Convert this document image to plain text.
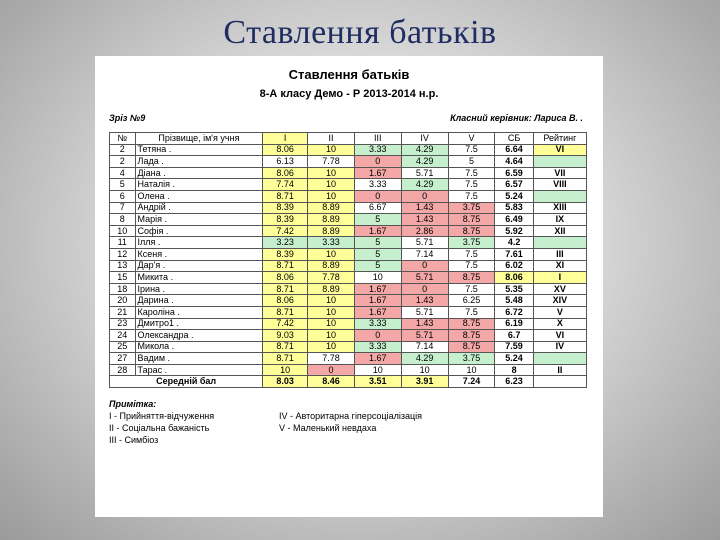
Ставлення батьків
Ставлення батьків
8-А класу Демо - Р 2013-2014 н.р.
Зріз №9	Класний керівник: Лариса В. .
№	Прізвище, ім'я учня	I	II	III	IV	V	СБ	Рейтинг
2	Тетяна .	8.06	10	3.33	4.29	7.5	6.64	VI
2	Лада .	6.13	7.78	0	4.29	5	4.64	
4	Діана .	8.06	10	1.67	5.71	7.5	6.59	VII
5	Наталія .	7.74	10	3.33	4.29	7.5	6.57	VIII
6	Олена .	8.71	10	0	0	7.5	5.24	
7	Андрій .	8.39	8.89	6.67	1.43	3.75	5.83	XIII
8	Марія .	8.39	8.89	5	1.43	8.75	6.49	IX
10	Софія .	7.42	8.89	1.67	2.86	8.75	5.92	XII
11	Ілля .	3.23	3.33	5	5.71	3.75	4.2	
12	Ксеня .	8.39	10	5	7.14	7.5	7.61	III
13	Дар'я .	8.71	8.89	5	0	7.5	6.02	XI
15	Микита .	8.06	7.78	10	5.71	8.75	8.06	I
18	Ірина .	8.71	8.89	1.67	0	7.5	5.35	XV
20	Дарина .	8.06	10	1.67	1.43	6.25	5.48	XIV
21	Кароліна .	8.71	10	1.67	5.71	7.5	6.72	V
23	Дмитро1 .	7.42	10	3.33	1.43	8.75	6.19	X
24	Олександра .	9.03	10	0	5.71	8.75	6.7	VI
25	Микола .	8.71	10	3.33	7.14	8.75	7.59	IV
27	Вадим .	8.71	7.78	1.67	4.29	3.75	5.24	
28	Тарас .	10	0	10	10	10	8	II
Середній бал		8.03	8.46	3.51	3.91	7.24	6.23	
Примітка:
I - Прийняття-відчуження
II - Соціальна бажаність
III - Симбіоз
IV - Авторитарна гіперсоціалізація
V - Маленький невдаха
